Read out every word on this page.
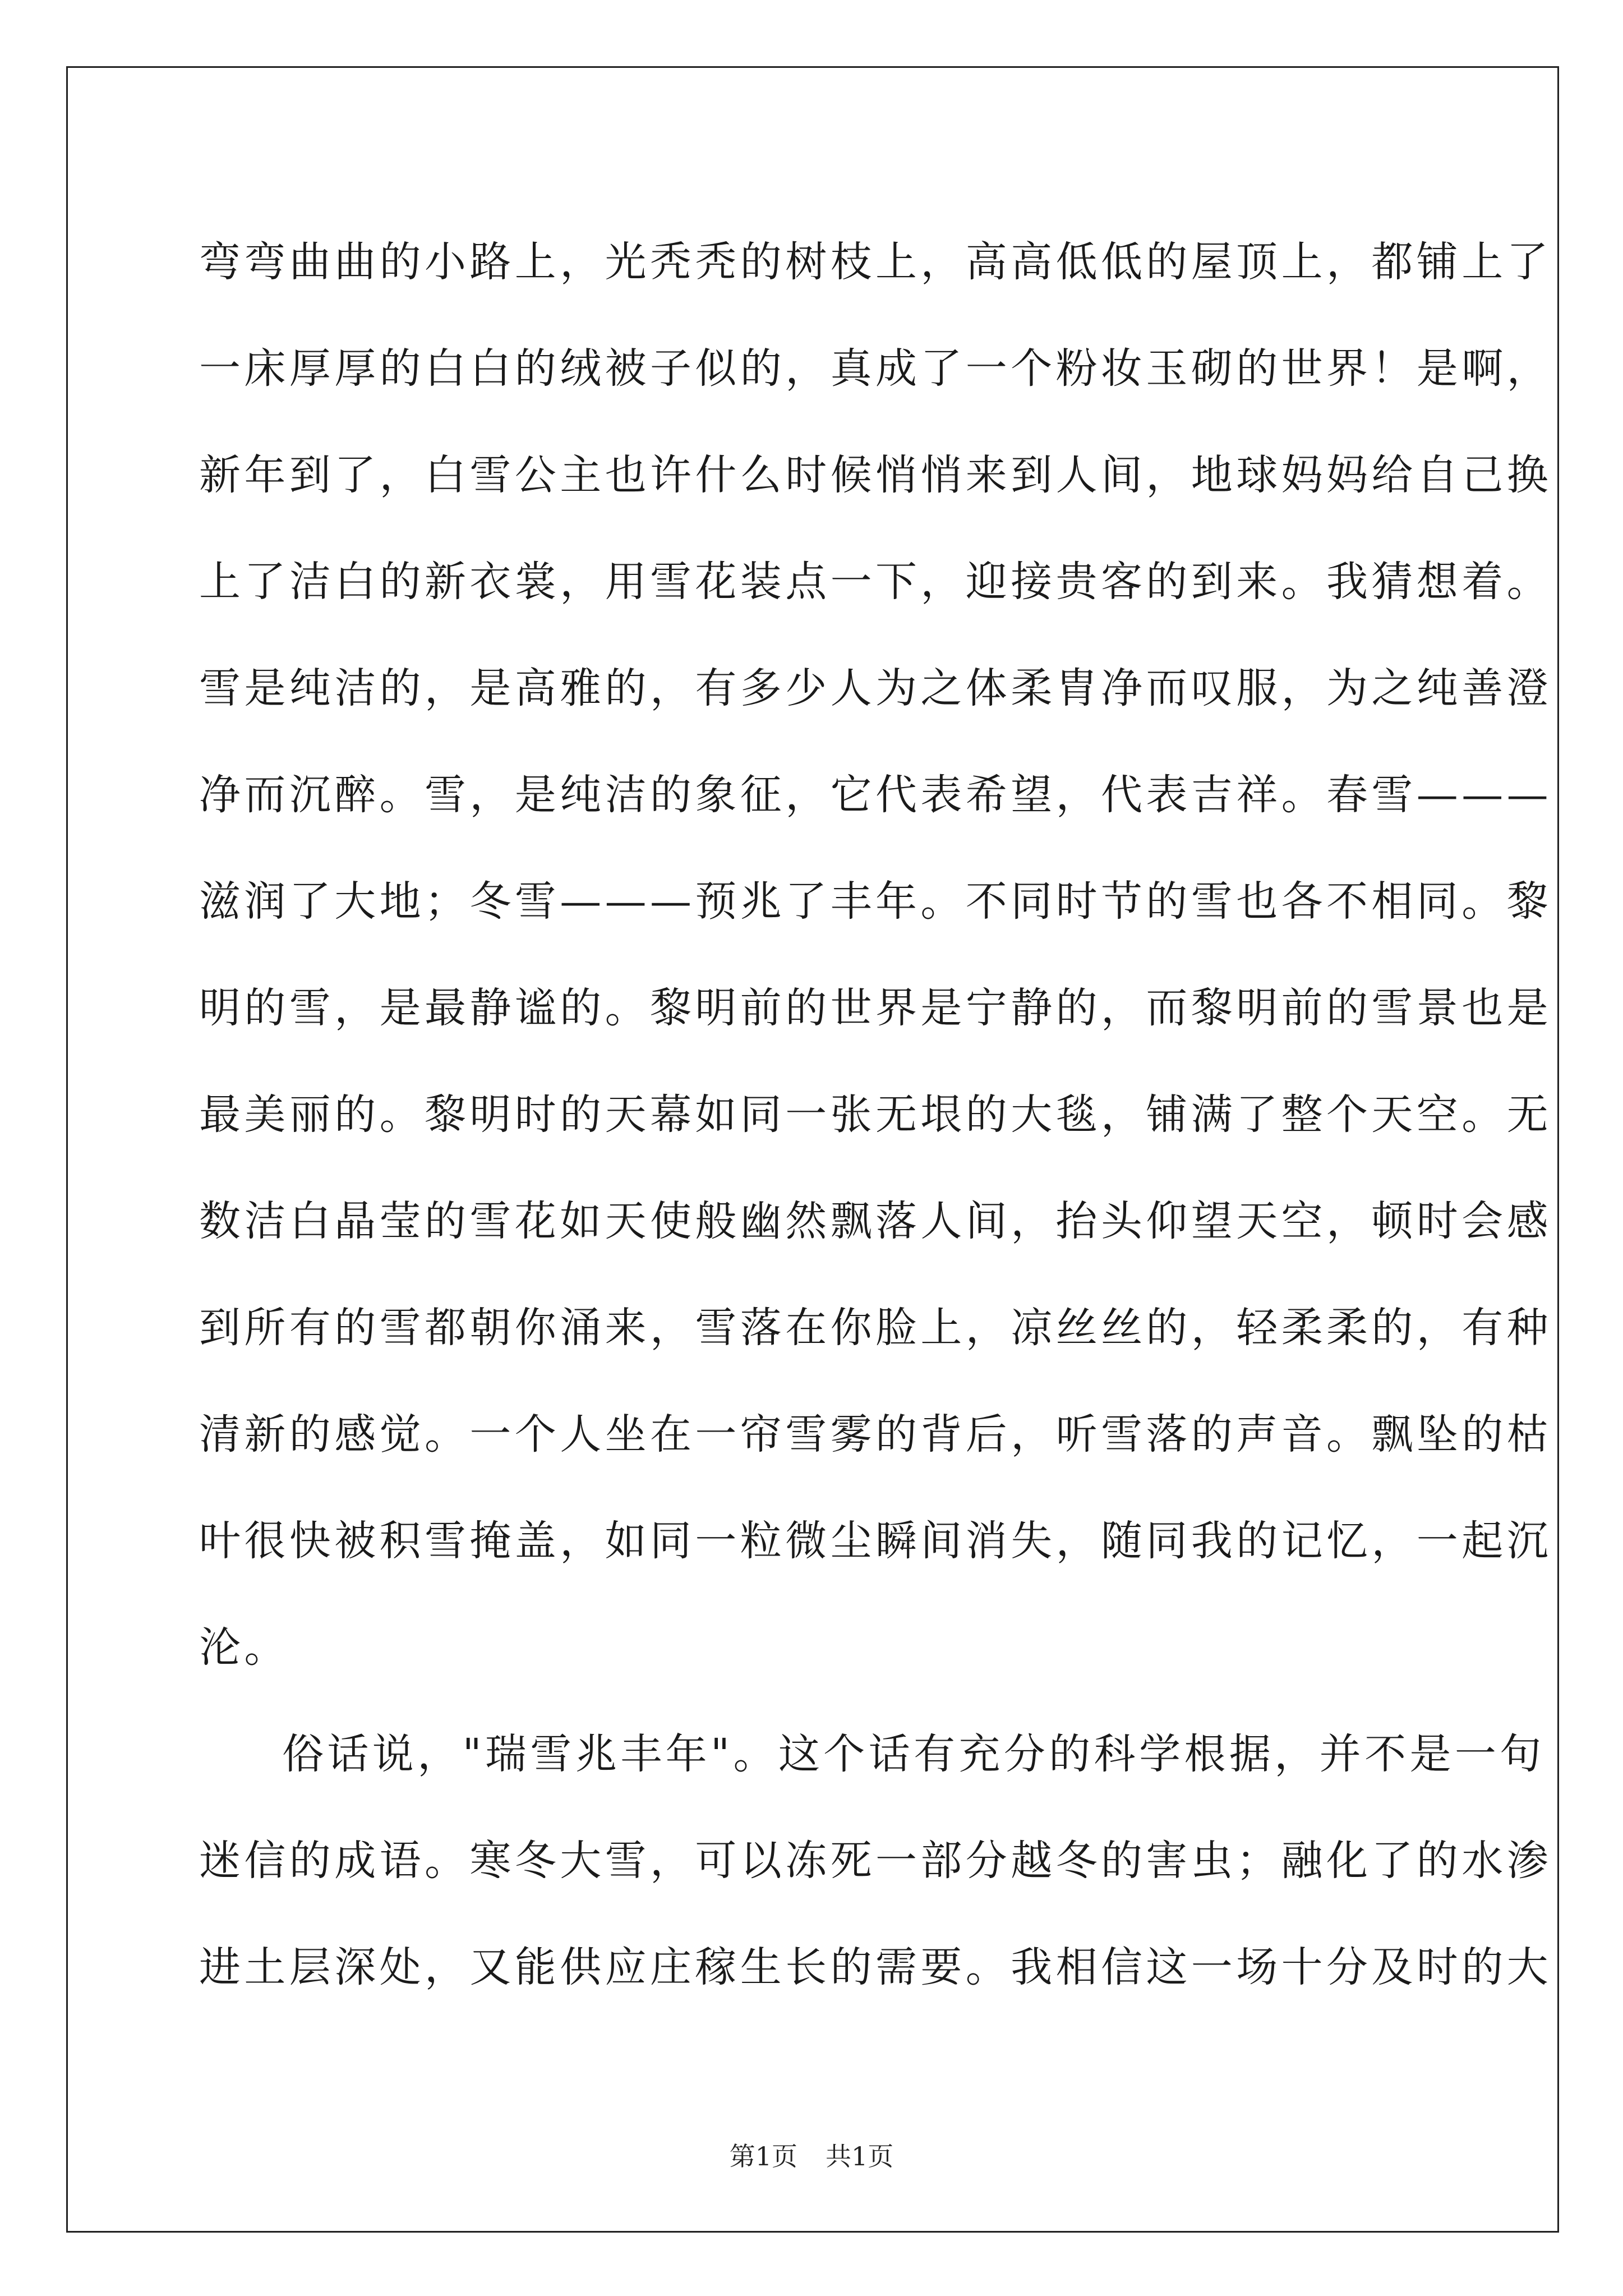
弯弯曲曲的小路上，光秃秃的树枝上，高高低低的屋顶上，都铺上了
一床厚厚的白白的绒被子似的，真成了一个粉妆玉砌的世界！是啊，
新年到了，白雪公主也许什么时候悄悄来到人间，地球妈妈给自己换
上了洁白的新衣裳，用雪花装点一下，迎接贵客的到来。我猜想着。
雪是纯洁的，是高雅的，有多少人为之体柔胄净而叹服，为之纯善澄
净而沉醉。雪，是纯洁的象征，它代表希望，代表吉祥。春雪———
滋润了大地；冬雪———预兆了丰年。不同时节的雪也各不相同。黎
明的雪，是最静谧的。黎明前的世界是宁静的，而黎明前的雪景也是
最美丽的。黎明时的天幕如同一张无垠的大毯，铺满了整个天空。无
数洁白晶莹的雪花如天使般幽然飘落人间，抬头仰望天空，顿时会感
到所有的雪都朝你涌来，雪落在你脸上，凉丝丝的，轻柔柔的，有种
清新的感觉。一个人坐在一帘雪雾的背后，听雪落的声音。飘坠的枯
叶很快被积雪掩盖，如同一粒微尘瞬间消失，随同我的记忆，一起沉
沦。

俗话说，"瑞雪兆丰年"。这个话有充分的科学根据，并不是一句
迷信的成语。寒冬大雪，可以冻死一部分越冬的害虫；融化了的水渗
进土层深处，又能供应庄稼生长的需要。我相信这一场十分及时的大

第1页 共1页
